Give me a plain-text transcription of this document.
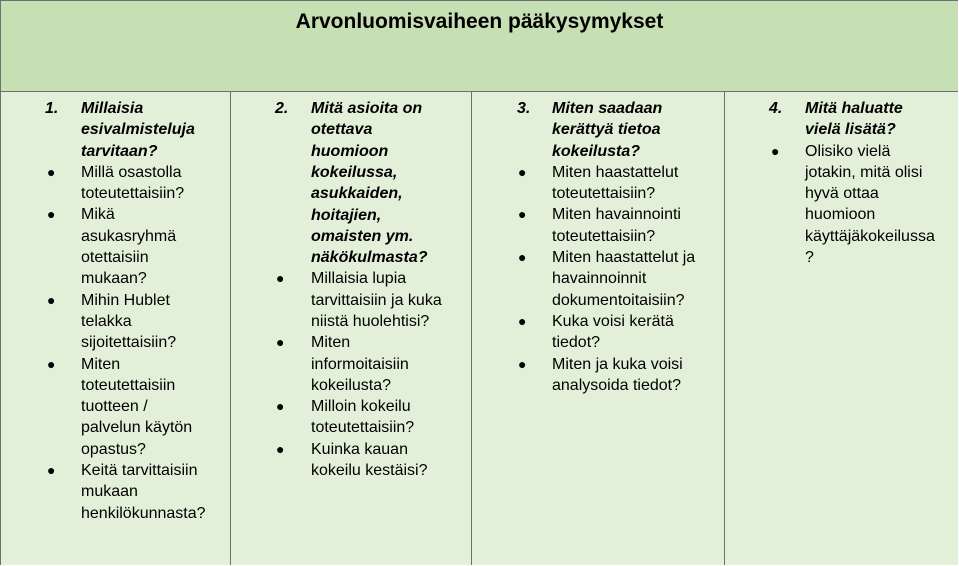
Arvonluomisvaiheen pääkysymykset
1. Millaisia
esivalmisteluja
tarvitaan?
● Millä osastolla
toteutettaisiin?
● Mikä
asukasryhmä
otettaisiin
mukaan?
● Mihin Hublet
telakka
sijoitettaisiin?
● Miten
toteutettaisiin
tuotteen /
palvelun käytön
opastus?
● Keitä tarvittaisiin
mukaan
henkilökunnasta?
2. Mitä asioita on
otettava
huomioon
kokeilussa,
asukkaiden,
hoitajien,
omaisten ym.
näkökulmasta?
● Millaisia lupia
tarvittaisiin ja kuka
niistä huolehtisi?
● Miten
informoitaisiin
kokeilusta?
● Milloin kokeilu
toteutettaisiin?
● Kuinka kauan
kokeilu kestäisi?
3. Miten saadaan
kerättyä tietoa
kokeilusta?
● Miten haastattelut
toteutettaisiin?
● Miten havainnointi
toteutettaisiin?
● Miten haastattelut ja
havainnoinnit
dokumentoitaisiin?
● Kuka voisi kerätä
tiedot?
● Miten ja kuka voisi
analysoida tiedot?
4. Mitä haluatte
vielä lisätä?
● Olisiko vielä
jotakin, mitä olisi
hyvä ottaa
huomioon
käyttäjäkokeilussa
?
